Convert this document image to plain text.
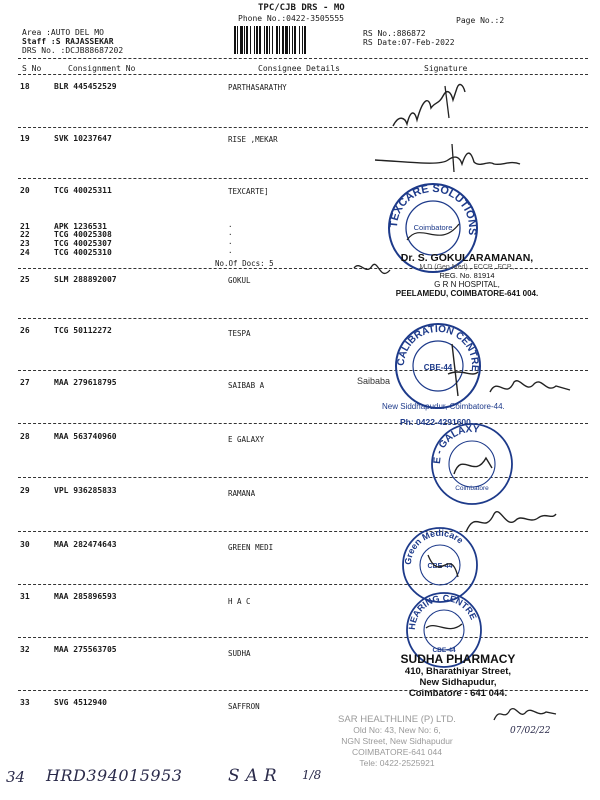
TPC/CJB DRS - MO
Phone No.:0422-3505555	Page No.:2
Area :AUTO DEL MO
Staff :S RAJASSEKAR
DRS No. :DCJB88687202
RS No.:886872
RS Date:07-Feb-2022
S No	Consignment No	Consignee Details	Signature
18	BLR 445452529	PARTHASARATHY
19	SVK 10237647	RISE ,MEKAR
20	TCG 40025311	TEXCARTE]
21	APK 1236531	.
22	TCG 40025308	.
23	TCG 40025307	.
24	TCG 40025310	.
No.Of Docs: 5
25	SLM 288892007	GOKUL
26	TCG 50112272	TESPA
27	MAA 279618795	SAIBAB A
28	MAA 563740960	E GALAXY
29	VPL 936285833	RAMANA
30	MAA 282474643	GREEN MEDI
31	MAA 285896593
H A C
32	MAA 275563705	SUDHA
33	SVG 4512940	SAFFRON
TEXCARE SOLUTIONS
Coimbatore
Dr. S. GOKULARAMANAN,
M.D.(Gen.Med)., FCCP., FCP.,
REG. No. 81914
G R N HOSPITAL,
PEELAMEDU, COIMBATORE-641 004.
CALIBRATION CENTRE
CBE-44
Saibaba
New Siddhapudur, Coimbatore-44.
Ph: 0422-4291600
E - GALAXY
Coimbatore
Green Medicare
CBE-44
HEARING CENTRE
CBE-44
SUDHA PHARMACY
410, Bharathiyar Street,
New Sidhapudur,
Coimbatore - 641 044.
SAR HEALTHLINE (P) LTD.
Old No: 43, New No: 6,
NGN Street, New Sidhapudur
COIMBATORE-641 044
Tele: 0422-2525921
07/02/22
34 HRD394015953	SAR 1/8
